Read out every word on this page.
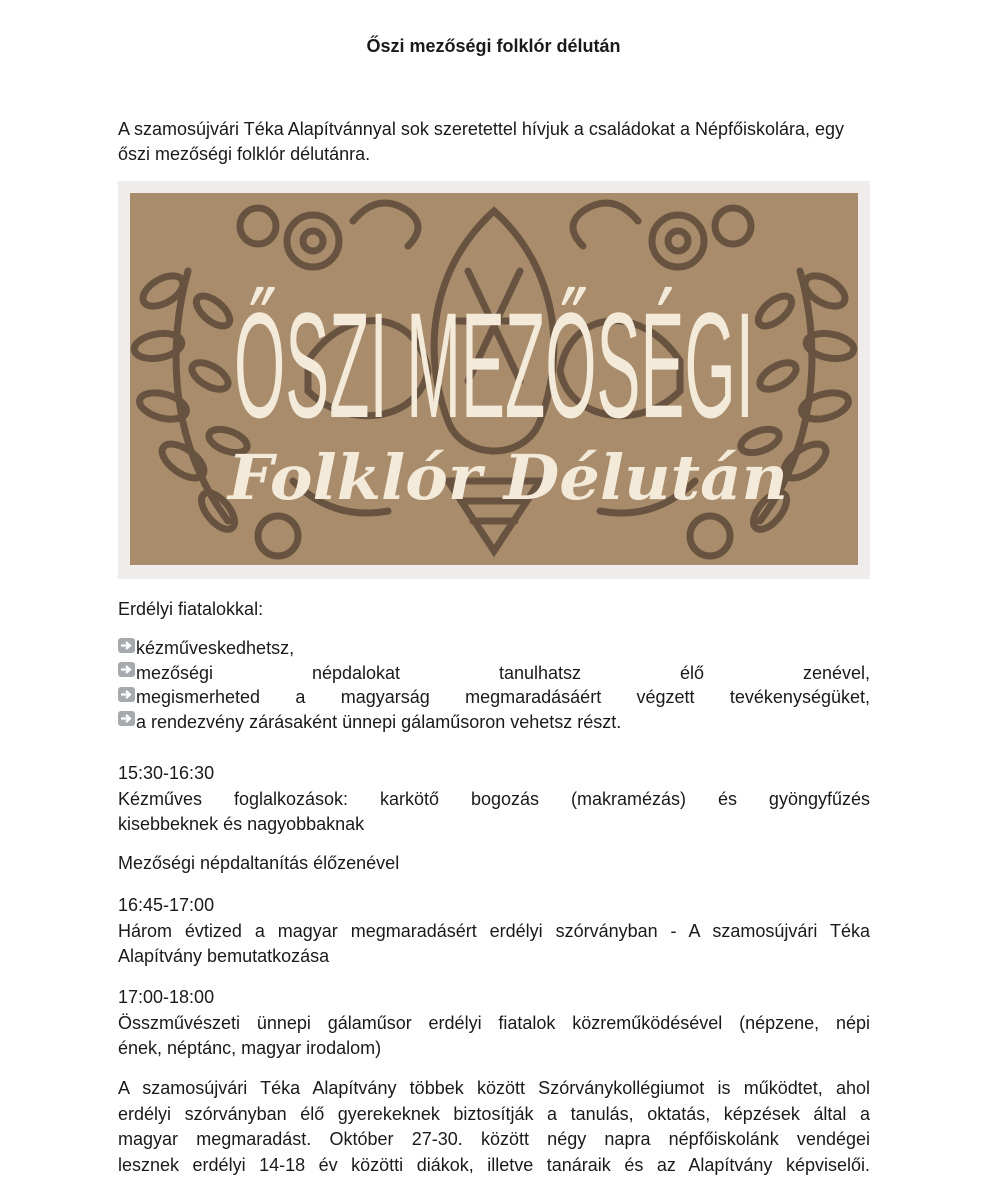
Őszi mezőségi folklór délután
A szamosújvári Téka Alapítvánnyal sok szeretettel hívjuk a családokat a Népfőiskolára, egy őszi mezőségi folklór délutánra.
ŐSZI MEZŐSÉGI
Folklór Délután
Erdélyi fiatalokkal:
kézműveskedhetsz,
mezőségi népdalokat tanulhatsz élő zenével,
megismerheted a magyarság megmaradásáért végzett tevékenységüket,
a rendezvény zárásaként ünnepi gálaműsoron vehetsz részt.
15:30-16:30
Kézműves foglalkozások: karkötő bogozás (makramézás) és gyöngyfűzés
kisebbeknek és nagyobbaknak
Mezőségi népdaltanítás élőzenével
16:45-17:00
Három évtized a magyar megmaradásért erdélyi szórványban - A szamosújvári Téka
Alapítvány bemutatkozása
17:00-18:00
Összművészeti ünnepi gálaműsor erdélyi fiatalok közreműködésével (népzene, népi
ének, néptánc, magyar irodalom)
A szamosújvári Téka Alapítvány többek között Szórványkollégiumot is működtet, ahol
erdélyi szórványban élő gyerekeknek biztosítják a tanulás, oktatás, képzések által a
magyar megmaradást. Október 27-30. között négy napra népfőiskolánk vendégei
lesznek erdélyi 14-18 év közötti diákok, illetve tanáraik és az Alapítvány képviselői.
